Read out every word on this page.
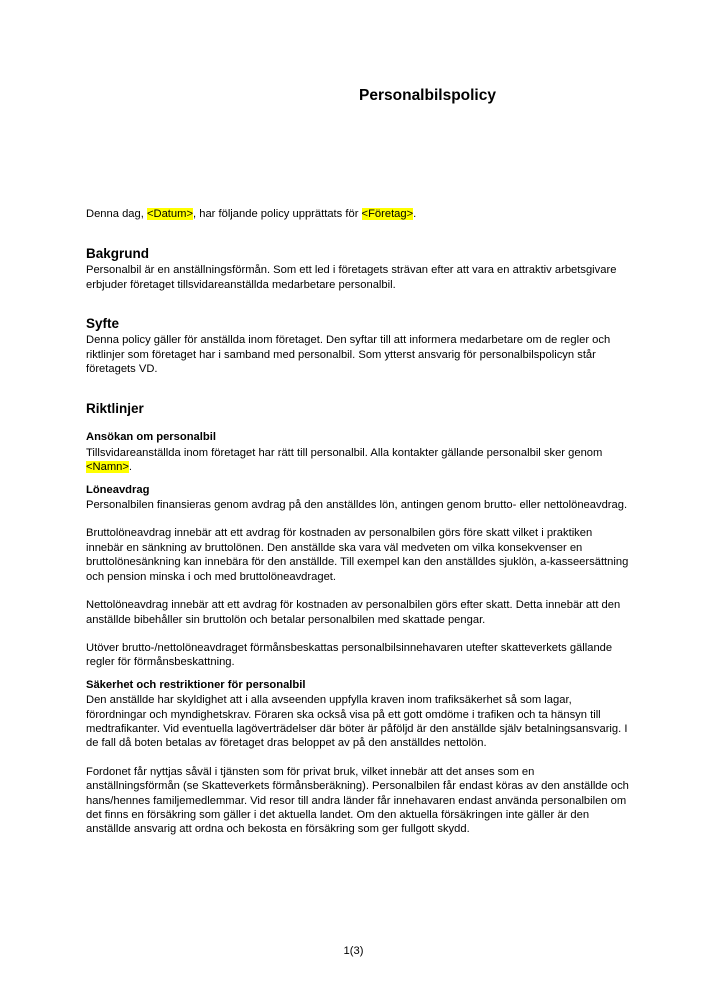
Personalbilspolicy

Denna dag, <Datum>, har följande policy upprättats för <Företag>.

Bakgrund

Personalbil är en anställningsförmån. Som ett led i företagets strävan efter att vara en attraktiv arbetsgivare erbjuder företaget tillsvidareanställda medarbetare personalbil.

Syfte

Denna policy gäller för anställda inom företaget. Den syftar till att informera medarbetare om de regler och riktlinjer som företaget har i samband med personalbil. Som ytterst ansvarig för personalbilspolicyn står företagets VD.

Riktlinjer
Ansökan om personalbil

Tillsvidareanställda inom företaget har rätt till personalbil. Alla kontakter gällande personalbil sker genom <Namn>.

Löneavdrag

Personalbilen finansieras genom avdrag på den anställdes lön, antingen genom brutto- eller nettolöneavdrag.

Bruttolöneavdrag innebär att ett avdrag för kostnaden av personalbilen görs före skatt vilket i praktiken innebär en sänkning av bruttolönen. Den anställde ska vara väl medveten om vilka konsekvenser en bruttolönesänkning kan innebära för den anställde. Till exempel kan den anställdes sjuklön, a-kasseersättning och pension minska i och med bruttolöneavdraget.

Nettolöneavdrag innebär att ett avdrag för kostnaden av personalbilen görs efter skatt. Detta innebär att den anställde bibehåller sin bruttolön och betalar personalbilen med skattade pengar.

Utöver brutto-/nettolöneavdraget förmånsbeskattas personalbilsinnehavaren utefter skatteverkets gällande regler för förmånsbeskattning.

Säkerhet och restriktioner för personalbil

Den anställde har skyldighet att i alla avseenden uppfylla kraven inom trafiksäkerhet så som lagar, förordningar och myndighetskrav. Föraren ska också visa på ett gott omdöme i trafiken och ta hänsyn till medtrafikanter. Vid eventuella lagöverträdelser där böter är påföljd är den anställde själv betalningsansvarig. I de fall då boten betalas av företaget dras beloppet av på den anställdes nettolön.

Fordonet får nyttjas såväl i tjänsten som för privat bruk, vilket innebär att det anses som en anställningsförmån (se Skatteverkets förmånsberäkning). Personalbilen får endast köras av den anställde och hans/hennes familjemedlemmar. Vid resor till andra länder får innehavaren endast använda personalbilen om det finns en försäkring som gäller i det aktuella landet. Om den aktuella försäkringen inte gäller är den anställde ansvarig att ordna och bekosta en försäkring som ger fullgott skydd.

1(3)
